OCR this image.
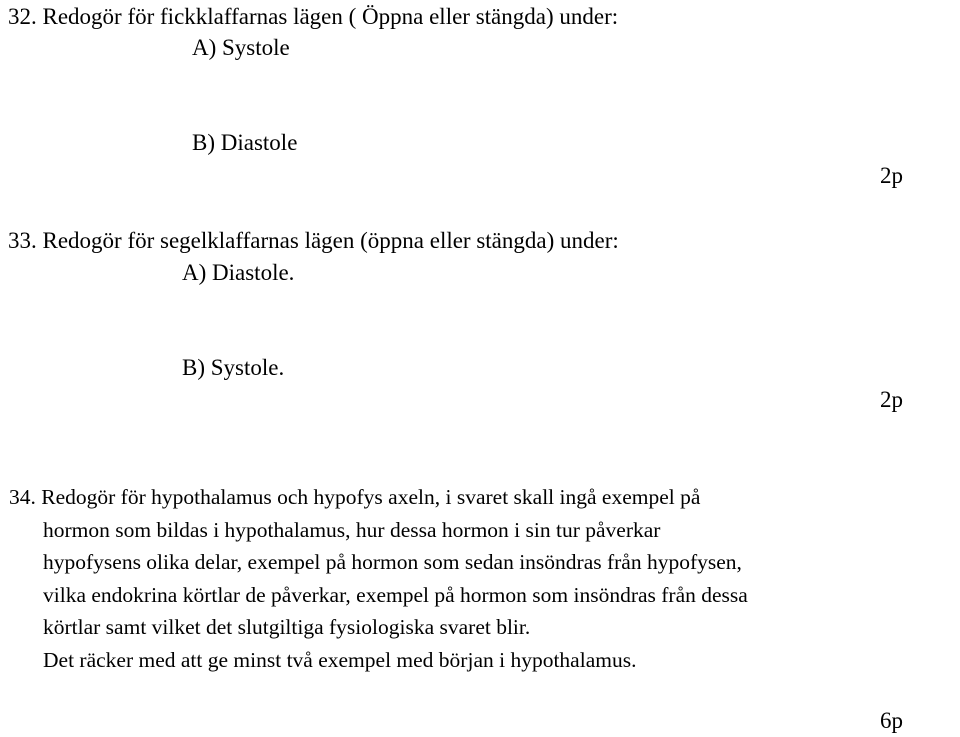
32. Redogör för fickklaffarnas lägen ( Öppna eller stängda) under:
A) Systole
B) Diastole
2p
33. Redogör för segelklaffarnas lägen (öppna eller stängda) under:
A) Diastole.
B) Systole.
2p
34. Redogör för hypothalamus och hypofys axeln, i svaret skall ingå exempel på
hormon som bildas i hypothalamus, hur dessa hormon i sin tur påverkar
hypofysens olika delar, exempel på hormon som sedan insöndras från hypofysen,
vilka endokrina körtlar de påverkar, exempel på hormon som insöndras från dessa
körtlar samt vilket det slutgiltiga fysiologiska svaret blir.
Det räcker med att ge minst två exempel med början i hypothalamus.
6p
